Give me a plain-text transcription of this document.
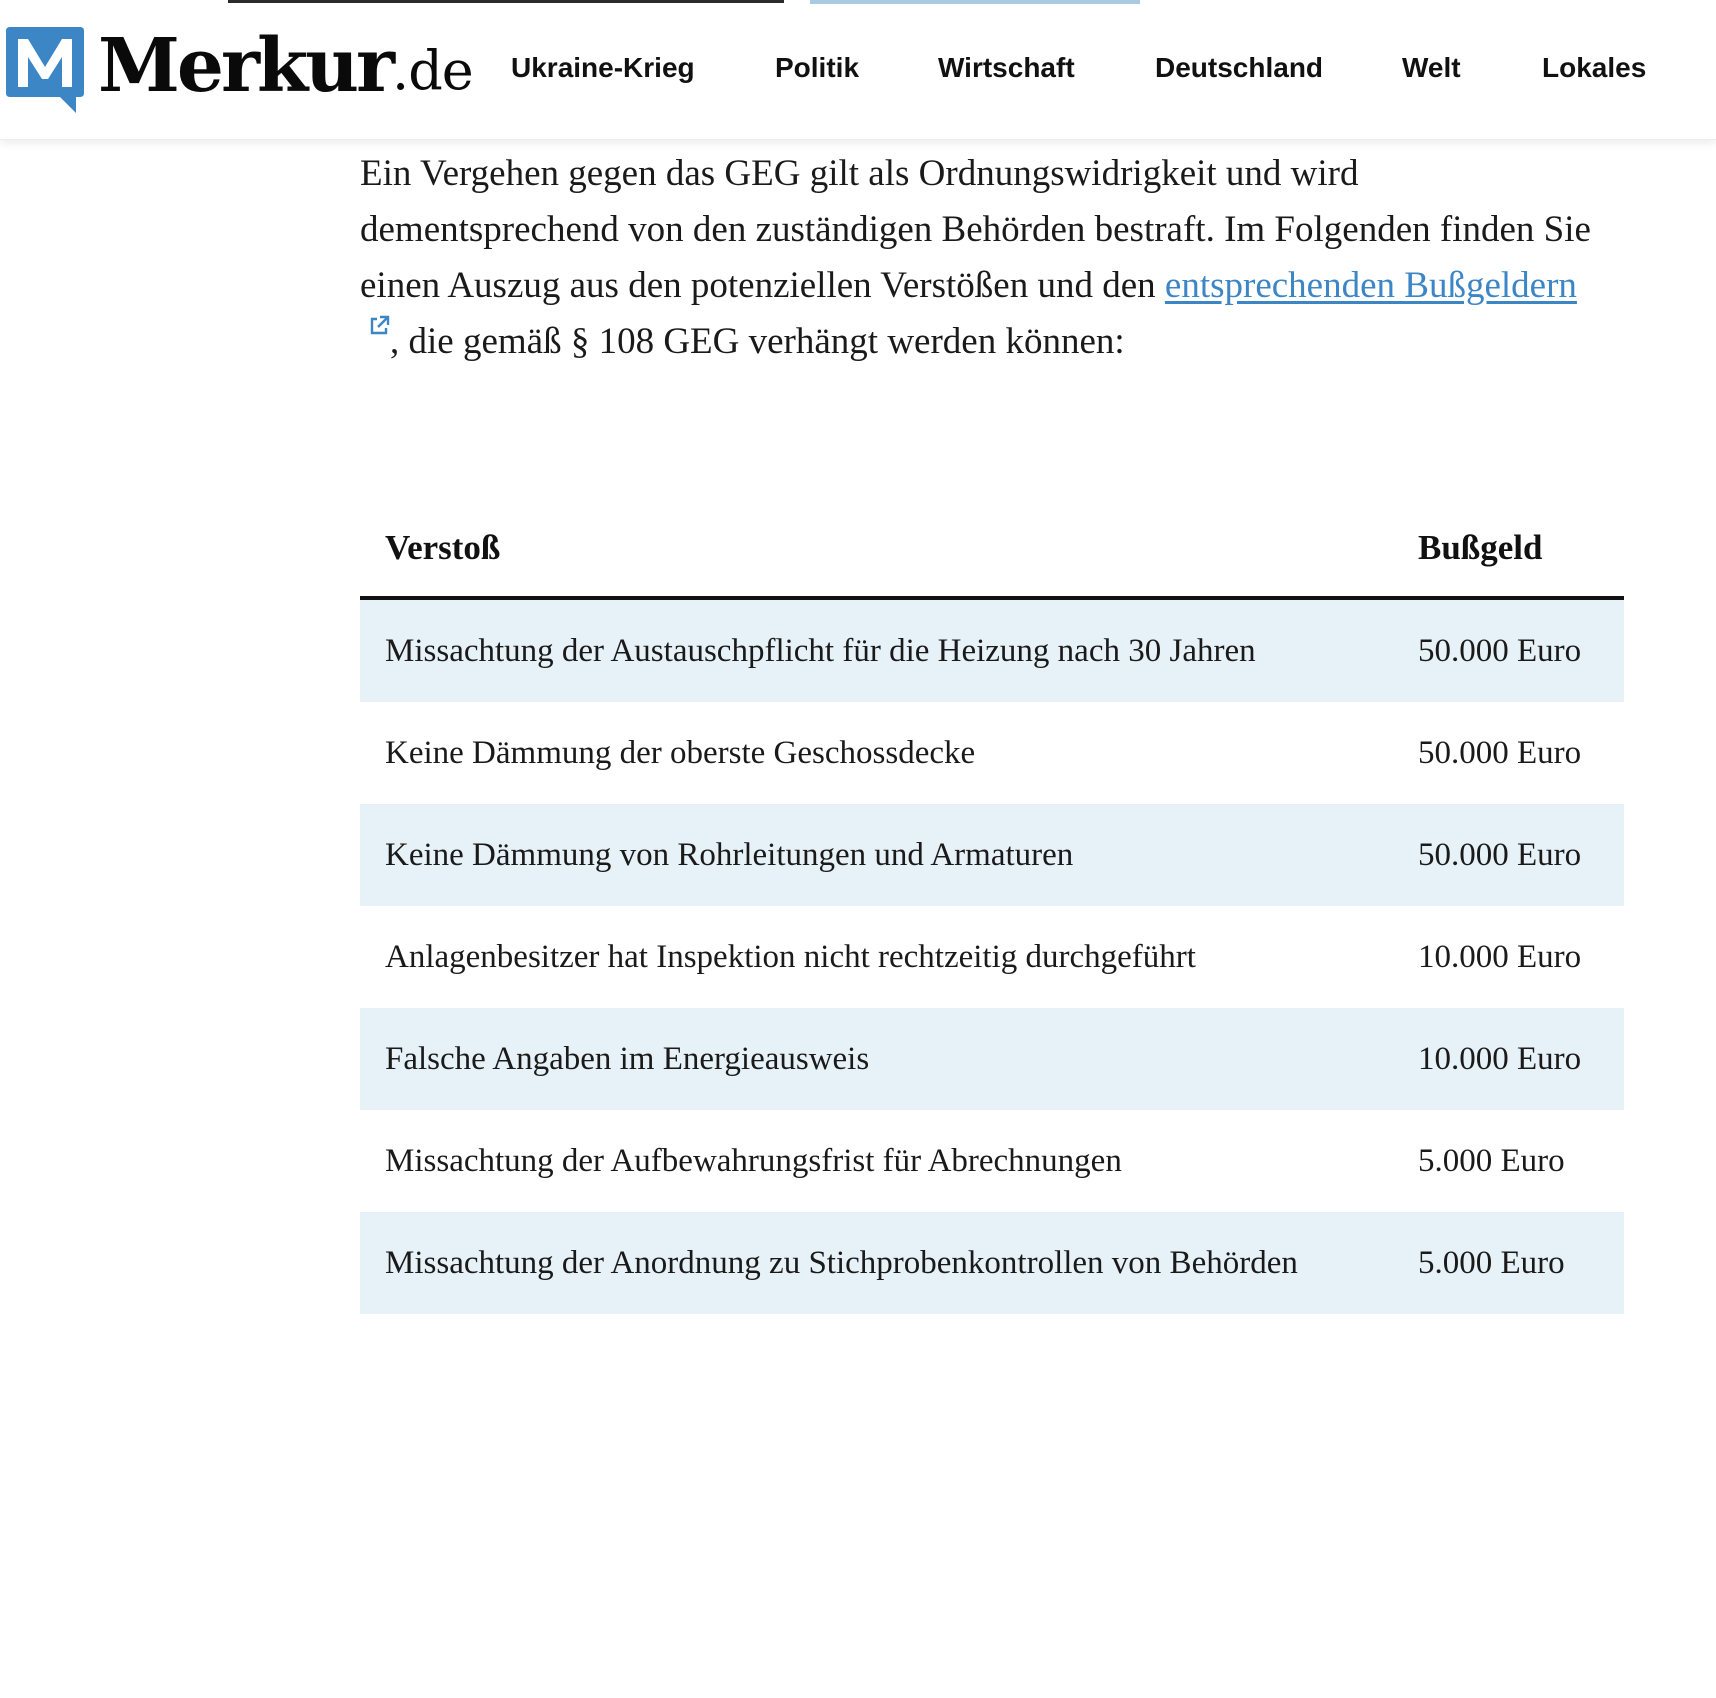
Merkur.de Ukraine-Krieg	Politik	Wirtschaft	Deutschland	Welt	Lokales

Ein Vergehen gegen das GEG gilt als Ordnungswidrigkeit und wird dementsprechend von den zuständigen Behörden bestraft. Im Folgenden finden Sie einen Auszug aus den potenziellen Verstößen und den entsprechenden Bußgeldern, die gemäß § 108 GEG verhängt werden können:

Verstoß	Bußgeld
Missachtung der Austauschpflicht für die Heizung nach 30 Jahren	50.000 Euro
Keine Dämmung der oberste Geschossdecke	50.000 Euro
Keine Dämmung von Rohrleitungen und Armaturen	50.000 Euro
Anlagenbesitzer hat Inspektion nicht rechtzeitig durchgeführt	10.000 Euro
Falsche Angaben im Energieausweis	10.000 Euro
Missachtung der Aufbewahrungsfrist für Abrechnungen	5.000 Euro
Missachtung der Anordnung zu Stichprobenkontrollen von Behörden	5.000 Euro
